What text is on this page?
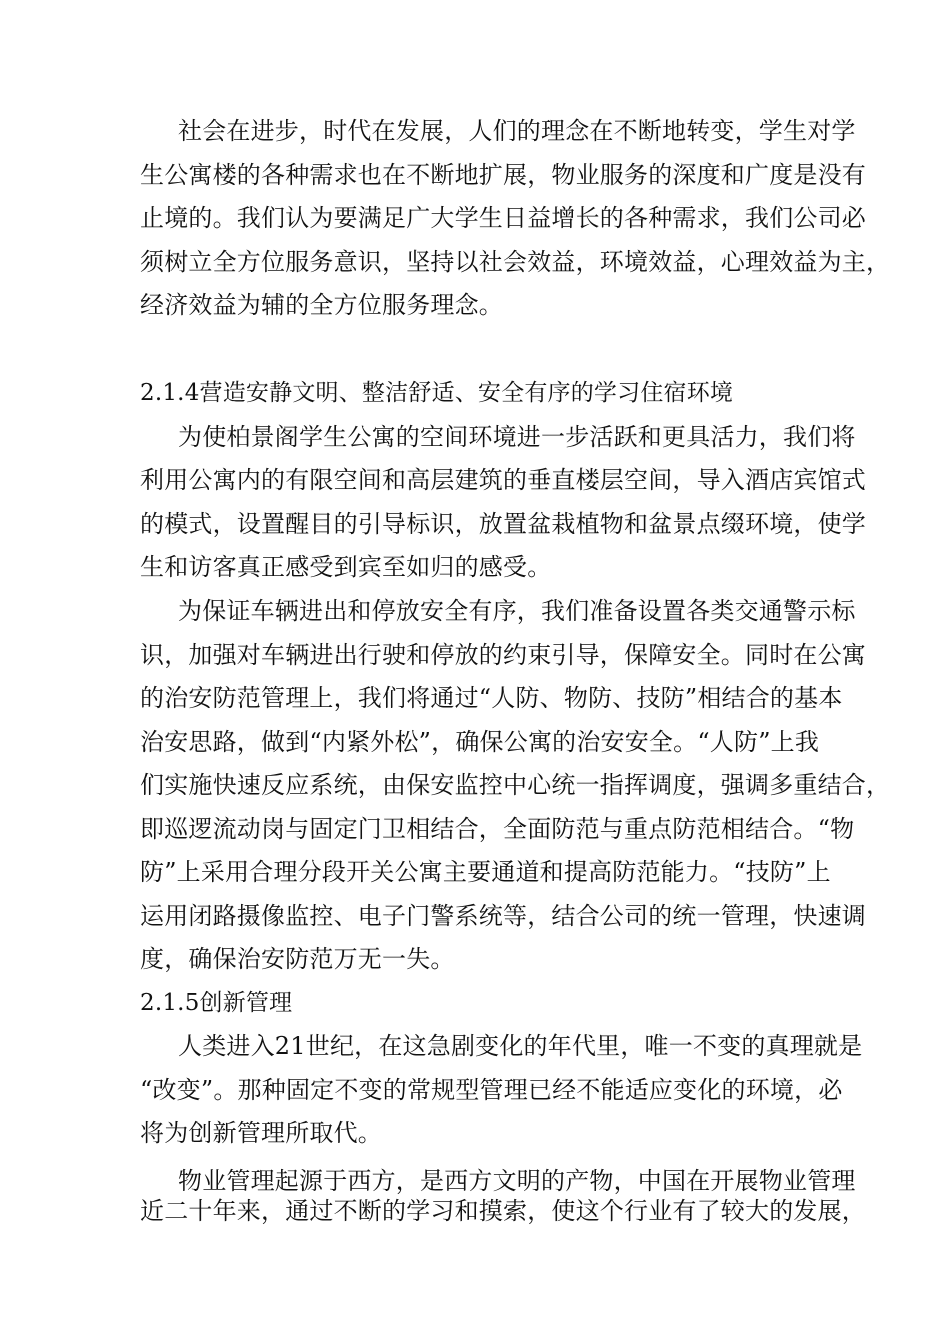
社会在进步，时代在发展，人们的理念在不断地转变，学生对学
生公寓楼的各种需求也在不断地扩展，物业服务的深度和广度是没有
止境的。我们认为要满足广大学生日益增长的各种需求，我们公司必
须树立全方位服务意识，坚持以社会效益，环境效益，心理效益为主，
经济效益为辅的全方位服务理念。
2.1.4营造安静文明、整洁舒适、安全有序的学习住宿环境
为使柏景阁学生公寓的空间环境进一步活跃和更具活力，我们将
利用公寓内的有限空间和高层建筑的垂直楼层空间，导入酒店宾馆式
的模式，设置醒目的引导标识，放置盆栽植物和盆景点缀环境，使学
生和访客真正感受到宾至如归的感受。
为保证车辆进出和停放安全有序，我们准备设置各类交通警示标
识，加强对车辆进出行驶和停放的约束引导，保障安全。同时在公寓
的治安防范管理上，我们将通过“人防、物防、技防”相结合的基本
治安思路，做到“内紧外松”，确保公寓的治安安全。“人防”上我
们实施快速反应系统，由保安监控中心统一指挥调度，强调多重结合，
即巡逻流动岗与固定门卫相结合，全面防范与重点防范相结合。“物
防”上采用合理分段开关公寓主要通道和提高防范能力。“技防”上
运用闭路摄像监控、电子门警系统等，结合公司的统一管理，快速调
度，确保治安防范万无一失。
2.1.5创新管理
人类进入21世纪，在这急剧变化的年代里，唯一不变的真理就是
“改变”。那种固定不变的常规型管理已经不能适应变化的环境，必
将为创新管理所取代。
物业管理起源于西方，是西方文明的产物，中国在开展物业管理
近二十年来，通过不断的学习和摸索，使这个行业有了较大的发展，
